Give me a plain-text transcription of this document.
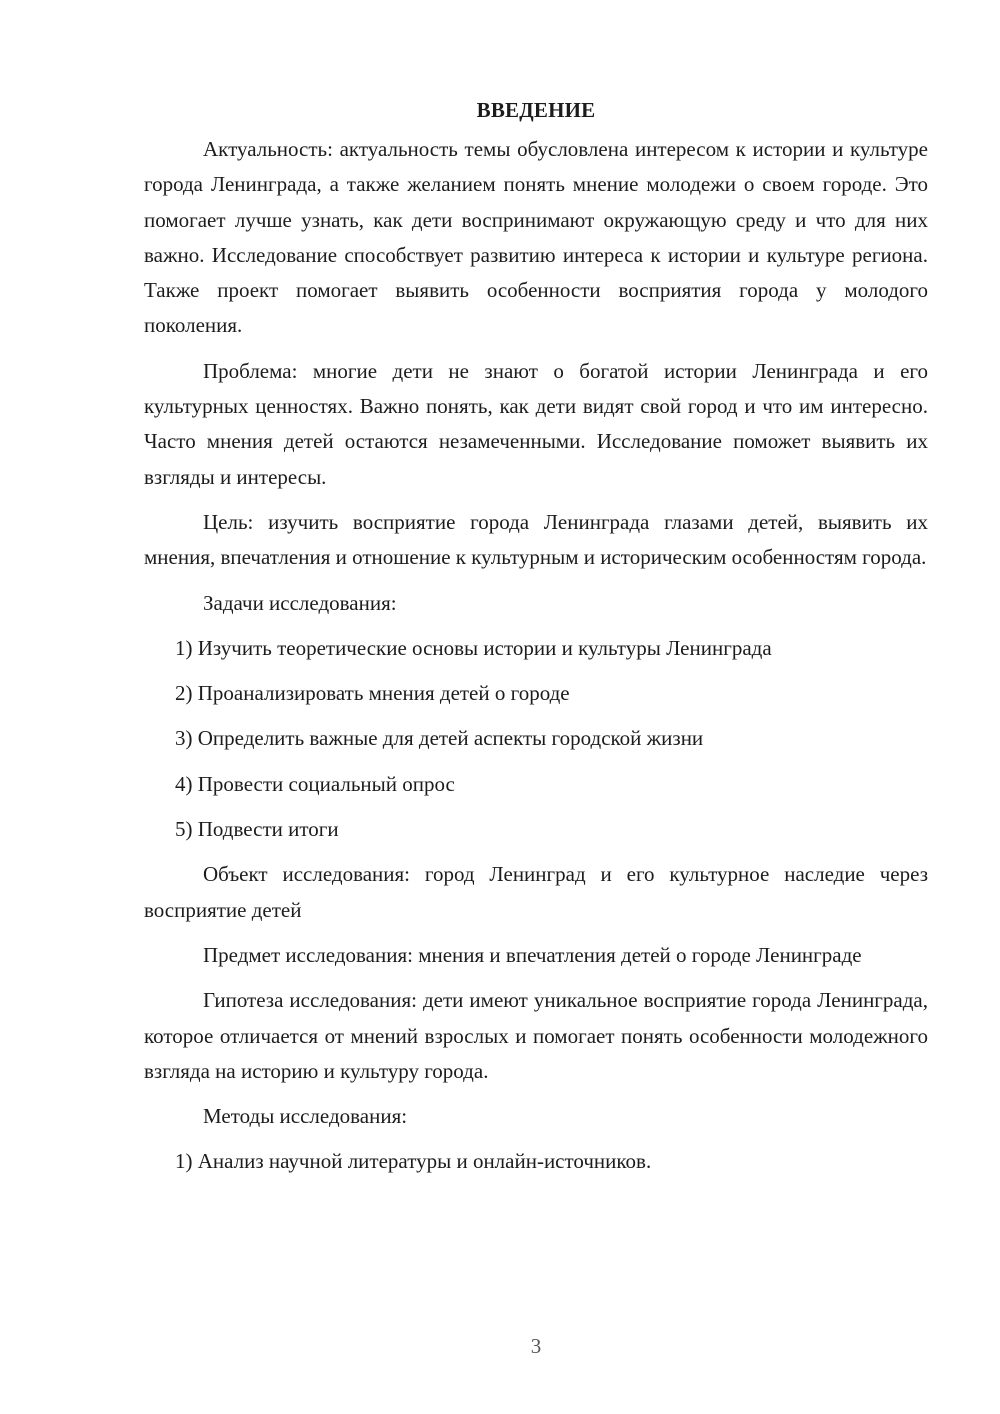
ВВЕДЕНИЕ

Актуальность: актуальность темы обусловлена интересом к истории и культуре города Ленинграда, а также желанием понять мнение молодежи о своем городе. Это помогает лучше узнать, как дети воспринимают окружающую среду и что для них важно. Исследование способствует развитию интереса к истории и культуре региона. Также проект помогает выявить особенности восприятия города у молодого поколения.

Проблема: многие дети не знают о богатой истории Ленинграда и его культурных ценностях. Важно понять, как дети видят свой город и что им интересно. Часто мнения детей остаются незамеченными. Исследование поможет выявить их взгляды и интересы.

Цель: изучить восприятие города Ленинграда глазами детей, выявить их мнения, впечатления и отношение к культурным и историческим особенностям города.

Задачи исследования:

1) Изучить теоретические основы истории и культуры Ленинграда

2) Проанализировать мнения детей о городе

3) Определить важные для детей аспекты городской жизни

4) Провести социальный опрос

5) Подвести итоги

Объект исследования: город Ленинград и его культурное наследие через восприятие детей

Предмет исследования: мнения и впечатления детей о городе Ленинграде

Гипотеза исследования: дети имеют уникальное восприятие города Ленинграда, которое отличается от мнений взрослых и помогает понять особенности молодежного взгляда на историю и культуру города.

Методы исследования:

1) Анализ научной литературы и онлайн-источников.

3
